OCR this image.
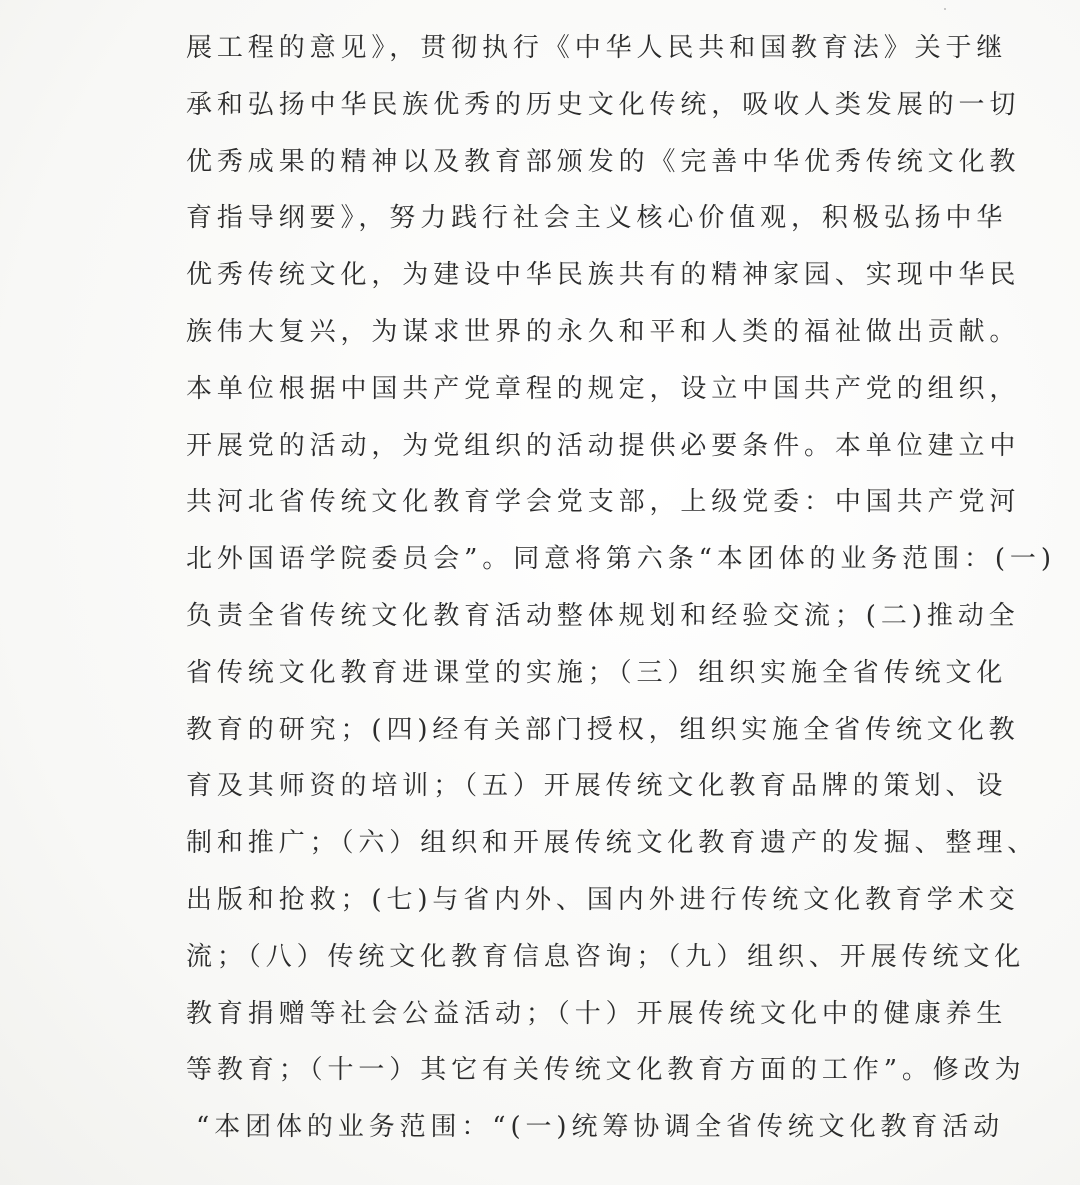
展工程的意见》，贯彻执行《中华人民共和国教育法》关于继
承和弘扬中华民族优秀的历史文化传统，吸收人类发展的一切
优秀成果的精神以及教育部颁发的《完善中华优秀传统文化教
育指导纲要》，努力践行社会主义核心价值观，积极弘扬中华
优秀传统文化，为建设中华民族共有的精神家园、实现中华民
族伟大复兴，为谋求世界的永久和平和人类的福祉做出贡献。
本单位根据中国共产党章程的规定，设立中国共产党的组织，
开展党的活动，为党组织的活动提供必要条件。本单位建立中
共河北省传统文化教育学会党支部，上级党委：中国共产党河
北外国语学院委员会”。同意将第六条“本团体的业务范围：(一)
负责全省传统文化教育活动整体规划和经验交流；(二)推动全
省传统文化教育进课堂的实施；（三）组织实施全省传统文化
教育的研究；(四)经有关部门授权，组织实施全省传统文化教
育及其师资的培训；（五）开展传统文化教育品牌的策划、设
制和推广；（六）组织和开展传统文化教育遗产的发掘、整理、
出版和抢救；(七)与省内外、国内外进行传统文化教育学术交
流；（八）传统文化教育信息咨询；（九）组织、开展传统文化
教育捐赠等社会公益活动；（十）开展传统文化中的健康养生
等教育；（十一）其它有关传统文化教育方面的工作”。修改为
“本团体的业务范围：“(一)统筹协调全省传统文化教育活动
